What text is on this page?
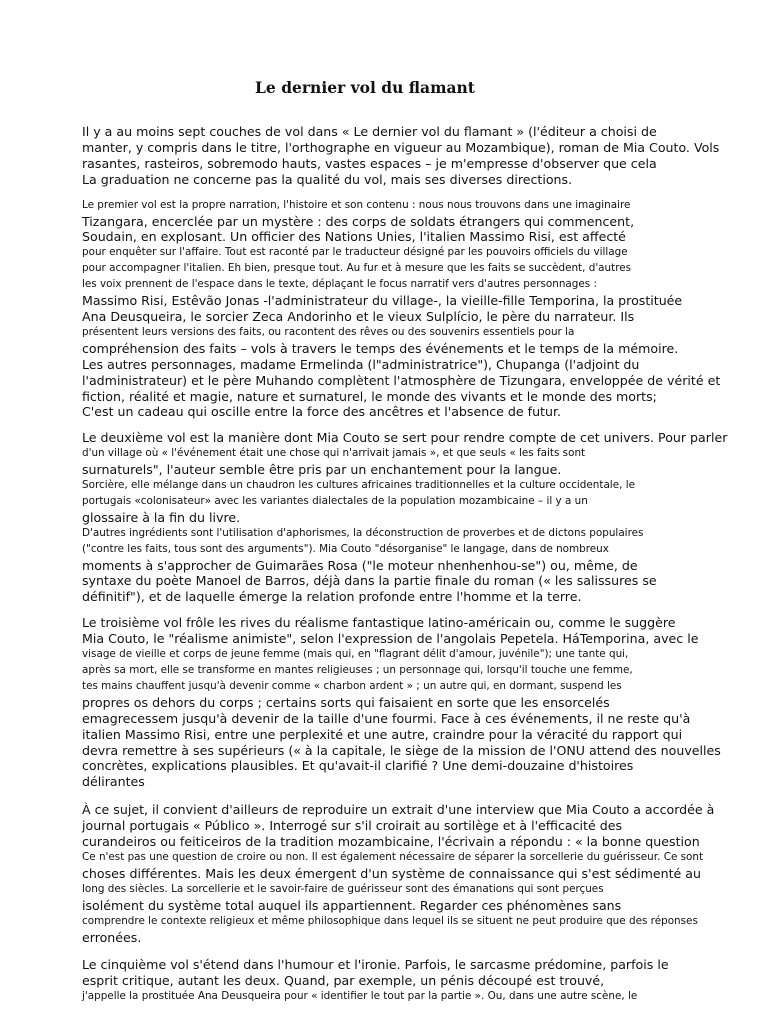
Le dernier vol du flamant
Il y a au moins sept couches de vol dans « Le dernier vol du flamant » (l'éditeur a choisi de
manter, y compris dans le titre, l'orthographe en vigueur au Mozambique), roman de Mia Couto. Vols
rasantes, rasteiros, sobremodo hauts, vastes espaces – je m'empresse d'observer que cela
La graduation ne concerne pas la qualité du vol, mais ses diverses directions.
Le premier vol est la propre narration, l'histoire et son contenu : nous nous trouvons dans une imaginaire
Tizangara, encerclée par un mystère : des corps de soldats étrangers qui commencent,
Soudain, en explosant. Un officier des Nations Unies, l'italien Massimo Risi, est affecté
pour enquêter sur l'affaire. Tout est raconté par le traducteur désigné par les pouvoirs officiels du village
pour accompagner l'italien. Eh bien, presque tout. Au fur et à mesure que les faits se succèdent, d'autres
les voix prennent de l'espace dans le texte, déplaçant le focus narratif vers d'autres personnages :
Massimo Risi, Estêvão Jonas -l'administrateur du village-, la vieille-fille Temporina, la prostituée
Ana Deusqueira, le sorcier Zeca Andorinho et le vieux Sulplício, le père du narrateur. Ils
présentent leurs versions des faits, ou racontent des rêves ou des souvenirs essentiels pour la
compréhension des faits – vols à travers le temps des événements et le temps de la mémoire.
Les autres personnages, madame Ermelinda (l"administratrice"), Chupanga (l'adjoint du
l'administrateur) et le père Muhando complètent l'atmosphère de Tizungara, enveloppée de vérité et
fiction, réalité et magie, nature et surnaturel, le monde des vivants et le monde des morts;
C'est un cadeau qui oscille entre la force des ancêtres et l'absence de futur.
Le deuxième vol est la manière dont Mia Couto se sert pour rendre compte de cet univers. Pour parler
d'un village où « l'événement était une chose qui n'arrivait jamais », et que seuls « les faits sont
surnaturels", l'auteur semble être pris par un enchantement pour la langue.
Sorcière, elle mélange dans un chaudron les cultures africaines traditionnelles et la culture occidentale, le
portugais «colonisateur» avec les variantes dialectales de la population mozambicaine – il y a un
glossaire à la fin du livre.
D'autres ingrédients sont l'utilisation d'aphorismes, la déconstruction de proverbes et de dictons populaires
("contre les faits, tous sont des arguments"). Mia Couto "désorganise" le langage, dans de nombreux
moments à s'approcher de Guimarães Rosa ("le moteur nhenhenhou-se") ou, même, de
syntaxe du poète Manoel de Barros, déjà dans la partie finale du roman (« les salissures se
définitif"), et de laquelle émerge la relation profonde entre l'homme et la terre.
Le troisième vol frôle les rives du réalisme fantastique latino-américain ou, comme le suggère
Mia Couto, le "réalisme animiste", selon l'expression de l'angolais Pepetela. HáTemporina, avec le
visage de vieille et corps de jeune femme (mais qui, en "flagrant délit d'amour, juvénile"); une tante qui,
après sa mort, elle se transforme en mantes religieuses ; un personnage qui, lorsqu'il touche une femme,
tes mains chauffent jusqu'à devenir comme « charbon ardent » ; un autre qui, en dormant, suspend les
propres os dehors du corps ; certains sorts qui faisaient en sorte que les ensorcelés
emagrecessem jusqu'à devenir de la taille d'une fourmi. Face à ces événements, il ne reste qu'à
italien Massimo Risi, entre une perplexité et une autre, craindre pour la véracité du rapport qui
devra remettre à ses supérieurs (« à la capitale, le siège de la mission de l'ONU attend des nouvelles
concrètes, explications plausibles. Et qu'avait-il clarifié ? Une demi-douzaine d'histoires
délirantes
À ce sujet, il convient d'ailleurs de reproduire un extrait d'une interview que Mia Couto a accordée à
journal portugais « Público ». Interrogé sur s'il croirait au sortilège et à l'efficacité des
curandeiros ou feiticeiros de la tradition mozambicaine, l'écrivain a répondu : « la bonne question
Ce n'est pas une question de croire ou non. Il est également nécessaire de séparer la sorcellerie du guérisseur. Ce sont
choses différentes. Mais les deux émergent d'un système de connaissance qui s'est sédimenté au
long des siècles. La sorcellerie et le savoir-faire de guérisseur sont des émanations qui sont perçues
isolément du système total auquel ils appartiennent. Regarder ces phénomènes sans
comprendre le contexte religieux et même philosophique dans lequel ils se situent ne peut produire que des réponses
erronées.
Le cinquième vol s'étend dans l'humour et l'ironie. Parfois, le sarcasme prédomine, parfois le
esprit critique, autant les deux. Quand, par exemple, un pénis découpé est trouvé,
j'appelle la prostituée Ana Deusqueira pour « identifier le tout par la partie ». Ou, dans une autre scène, le
